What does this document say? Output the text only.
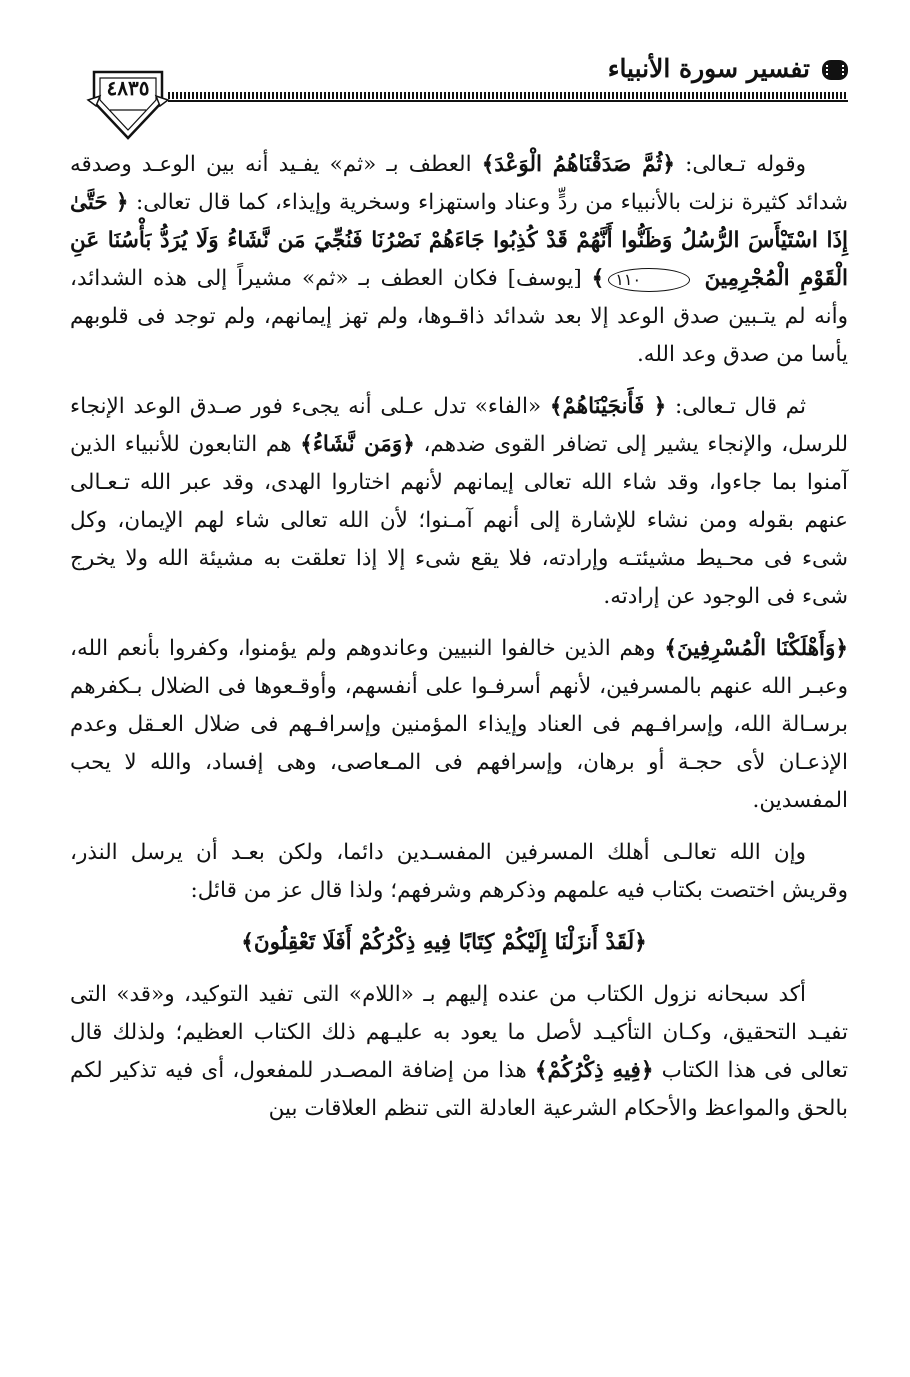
تفسير سورة الأنبياء
٤٨٣٥

وقوله تـعالى: ﴿ثُمَّ صَدَقْنَاهُمُ الْوَعْدَ﴾ العطف بـ «ثم» يفـيد أنه بين الوعـد وصدقه شدائد كثيرة نزلت بالأنبياء من ردٍّ وعناد واستهزاء وسخرية وإيذاء، كما قال تعالى: ﴿ حَتَّىٰ إِذَا اسْتَيْأَسَ الرُّسُلُ وَظَنُّوا أَنَّهُمْ قَدْ كُذِبُوا جَاءَهُمْ نَصْرُنَا فَنُجِّيَ مَن نَّشَاءُ وَلَا يُرَدُّ بَأْسُنَا عَنِ الْقَوْمِ الْمُجْرِمِينَ ١١٠﴾ [يوسف] فكان العطف بـ «ثم» مشيراً إلى هذه الشدائد، وأنه لم يتـبين صدق الوعد إلا بعد شدائد ذاقـوها، ولم تهز إيمانهم، ولم توجد فى قلوبهم يأسا من صدق وعد الله.

ثم قال تـعالى: ﴿ فَأَنجَيْنَاهُمْ﴾ «الفاء» تدل عـلى أنه يجىء فور صـدق الوعد الإنجاء للرسل، والإنجاء يشير إلى تضافر القوى ضدهم، ﴿وَمَن نَّشَاءُ﴾ هم التابعون للأنبياء الذين آمنوا بما جاءوا، وقد شاء الله تعالى إيمانهم لأنهم اختاروا الهدى، وقد عبر الله تـعـالى عنهم بقوله ومن نشاء للإشارة إلى أنهم آمـنوا؛ لأن الله تعالى شاء لهم الإيمان، وكل شىء فى محـيط مشيئتـه وإرادته، فلا يقع شىء إلا إذا تعلقت به مشيئة الله ولا يخرج شىء فى الوجود عن إرادته.

﴿وَأَهْلَكْنَا الْمُسْرِفِينَ﴾ وهم الذين خالفوا النبيين وعاندوهم ولم يؤمنوا، وكفروا بأنعم الله، وعبـر الله عنهم بالمسرفين، لأنهم أسرفـوا على أنفسهم، وأوقـعوها فى الضلال بـكفرهم برسـالة الله، وإسرافـهم فى العناد وإيذاء المؤمنين وإسرافـهم فى ضلال العـقل وعدم الإذعـان لأى حجـة أو برهان، وإسرافهم فى المـعاصى، وهى إفساد، والله لا يحب المفسدين.

وإن الله تعالـى أهلك المسرفين المفسـدين دائما، ولكن بعـد أن يرسل النذر، وقريش اختصت بكتاب فيه علمهم وذكرهم وشرفهم؛ ولذا قال عز من قائل:

﴿لَقَدْ أَنزَلْنَا إِلَيْكُمْ كِتَابًا فِيهِ ذِكْرُكُمْ أَفَلَا تَعْقِلُونَ﴾

أكد سبحانه نزول الكتاب من عنده إليهم بـ «اللام» التى تفيد التوكيد، و«قد» التى تفيـد التحقيق، وكـان التأكيـد لأصل ما يعود به عليـهم ذلك الكتاب العظيم؛ ولذلك قال تعالى فى هذا الكتاب ﴿فِيهِ ذِكْرُكُمْ﴾ هذا من إضافة المصـدر للمفعول، أى فيه تذكير لكم بالحق والمواعظ والأحكام الشرعية العادلة التى تنظم العلاقات بين
